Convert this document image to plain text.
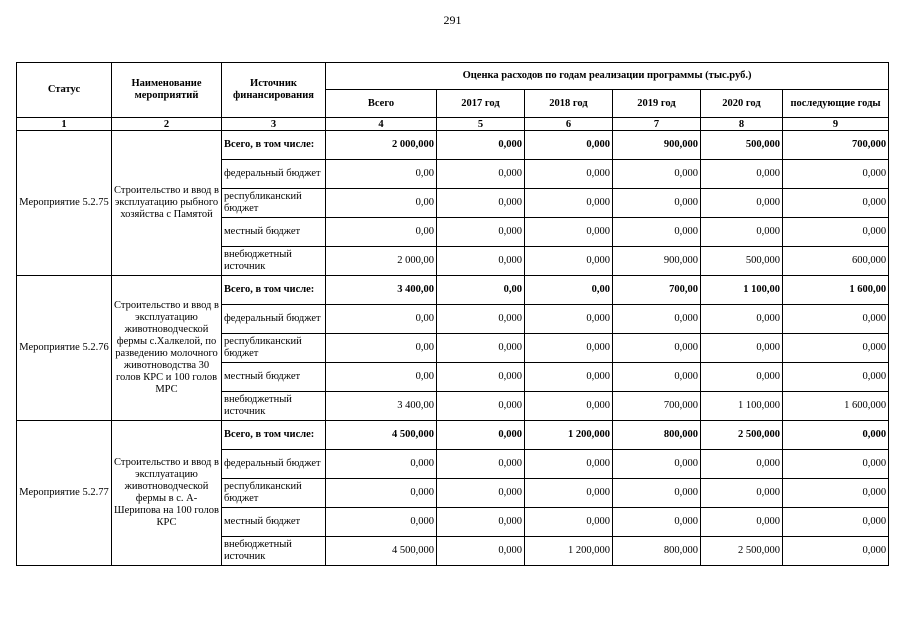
291
Статус	Наименование мероприятий	Источник финансирования	Оценка расходов по годам реализации программы (тыс.руб.)					
			Всего	2017 год	2018 год	2019 год	2020 год	последующие годы
1	2	3	4	5	6	7	8	9
Мероприятие 5.2.75	Строительство и ввод в эксплуатацию рыбного хозяйства с Памятой	Всего, в том числе:	2 000,000	0,000	0,000	900,000	500,000	700,000
		федеральный бюджет	0,00	0,000	0,000	0,000	0,000	0,000
		республиканский бюджет	0,00	0,000	0,000	0,000	0,000	0,000
		местный бюджет	0,00	0,000	0,000	0,000	0,000	0,000
		внебюджетный источник	2 000,00	0,000	0,000	900,000	500,000	600,000
Мероприятие 5.2.76	Строительство и ввод в эксплуатацию животноводческой фермы с.Халкелой, по разведению молочного животноводства 30 голов КРС и 100 голов МРС	Всего, в том числе:	3 400,00	0,00	0,00	700,00	1 100,00	1 600,00
		федеральный бюджет	0,00	0,000	0,000	0,000	0,000	0,000
		республиканский бюджет	0,00	0,000	0,000	0,000	0,000	0,000
		местный бюджет	0,00	0,000	0,000	0,000	0,000	0,000
		внебюджетный источник	3 400,00	0,000	0,000	700,000	1 100,000	1 600,000
Мероприятие 5.2.77	Строительство и ввод в эксплуатацию животноводческой фермы в с. А-Шерипова на 100 голов КРС	Всего, в том числе:	4 500,000	0,000	1 200,000	800,000	2 500,000	0,000
		федеральный бюджет	0,000	0,000	0,000	0,000	0,000	0,000
		республиканский бюджет	0,000	0,000	0,000	0,000	0,000	0,000
		местный бюджет	0,000	0,000	0,000	0,000	0,000	0,000
		внебюджетный источник	4 500,000	0,000	1 200,000	800,000	2 500,000	0,000
